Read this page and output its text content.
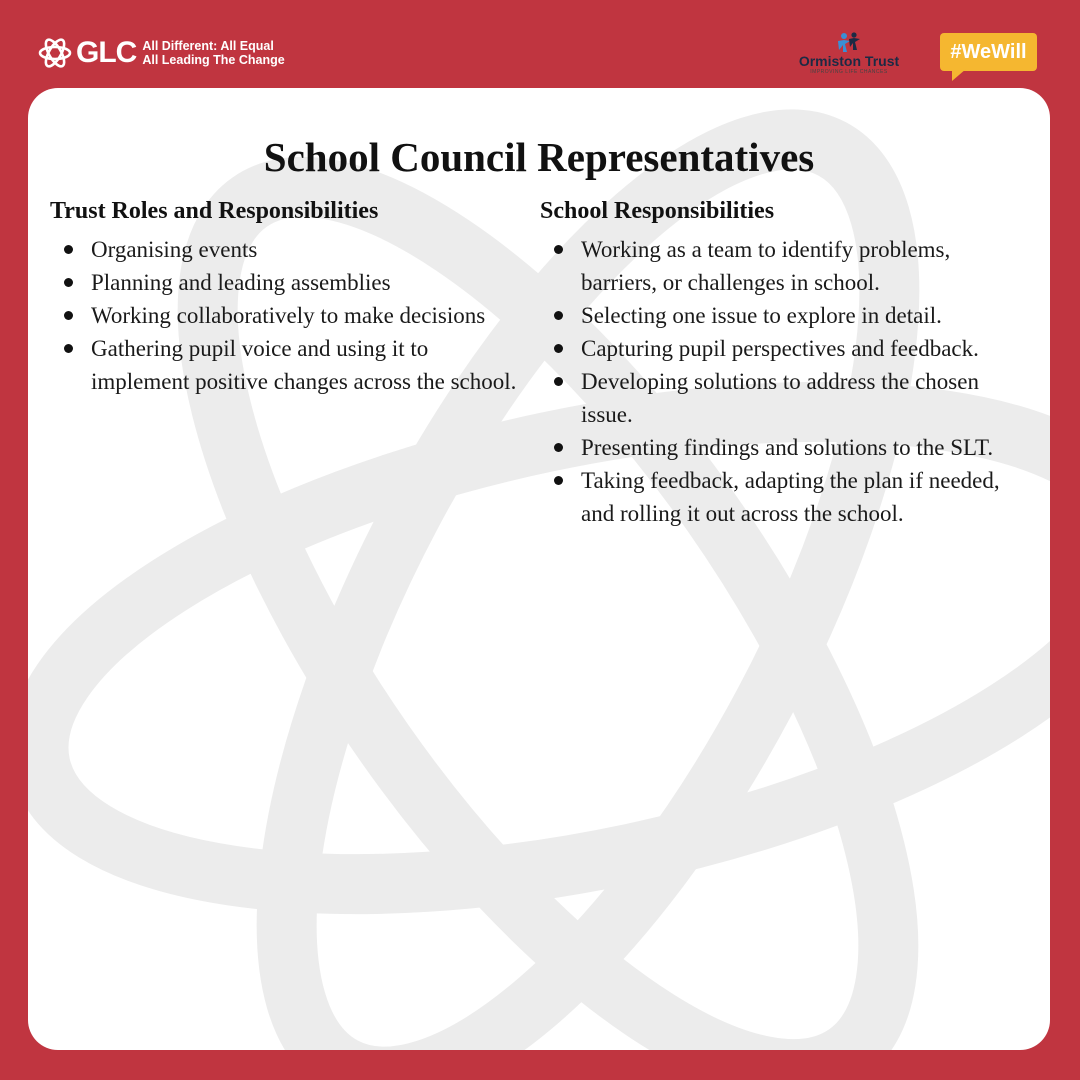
GLC All Different: All Equal
All Leading The Change	Ormiston Trust
IMPROVING LIFE CHANCES
#WeWill
School Council Representatives
Trust Roles and Responsibilities
Organising events
Planning and leading assemblies
Working collaboratively to make decisions
Gathering pupil voice and using it to implement positive changes across the school.
School Responsibilities
Working as a team to identify problems, barriers, or challenges in school.
Selecting one issue to explore in detail.
Capturing pupil perspectives and feedback.
Developing solutions to address the chosen issue.
Presenting findings and solutions to the SLT.
Taking feedback, adapting the plan if needed, and rolling it out across the school.
